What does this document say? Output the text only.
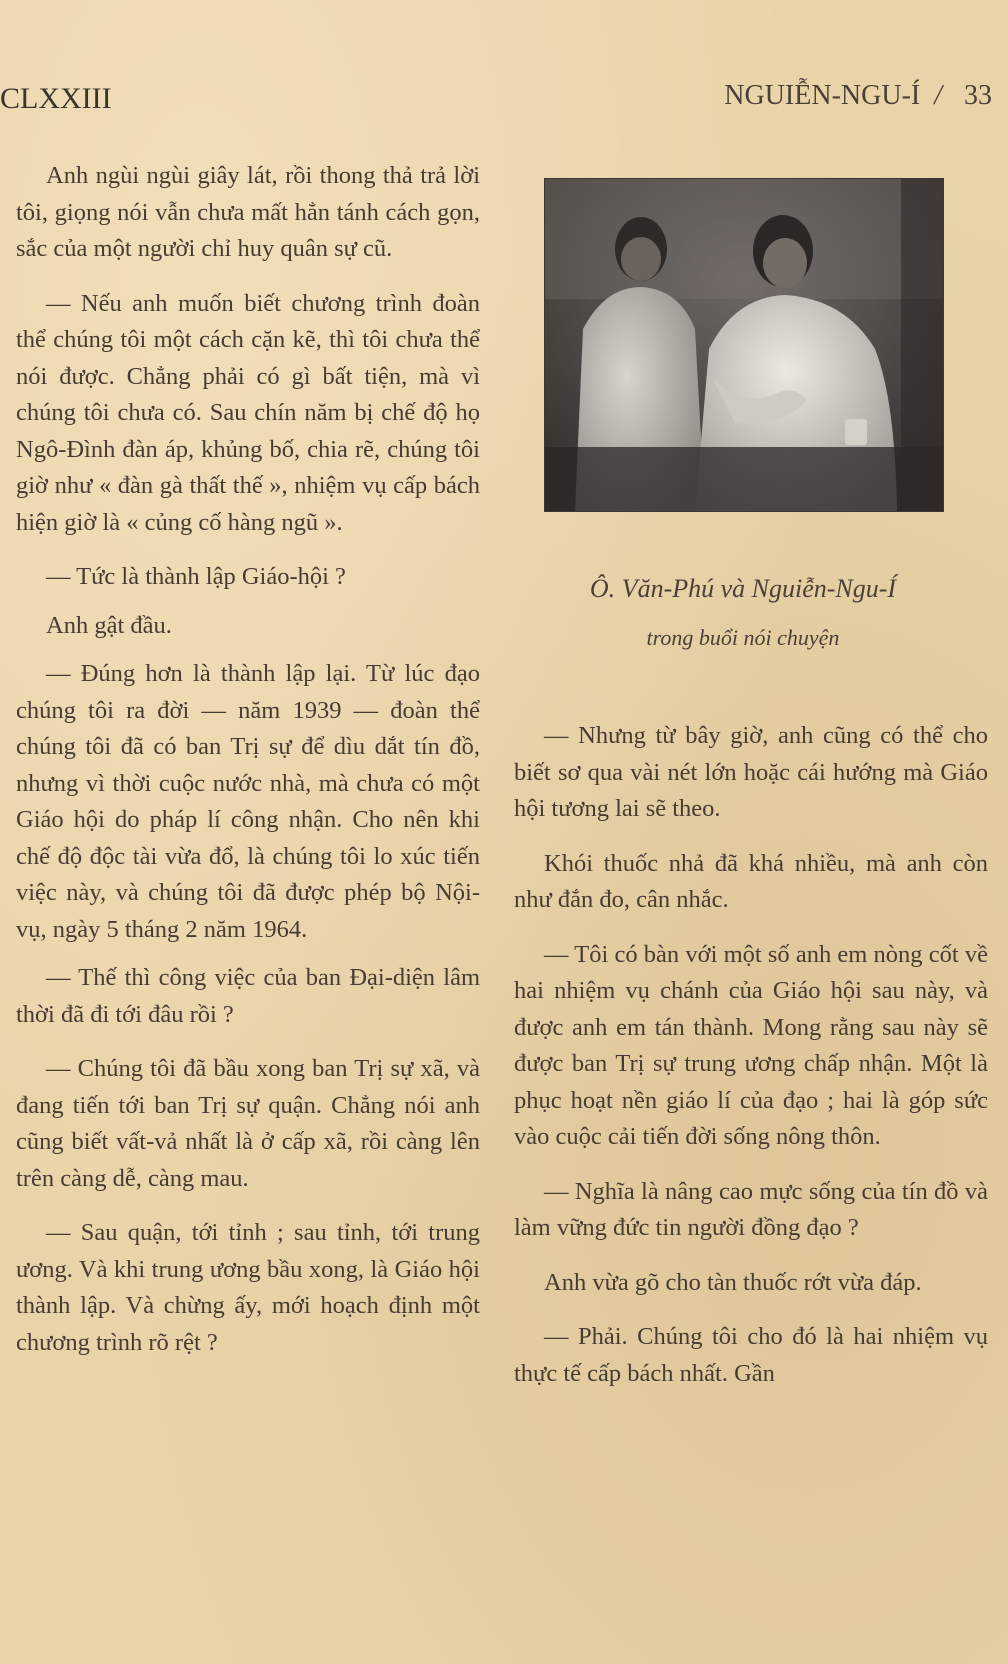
CLXXIII	NGUIỄN-NGU-Í / 33

Anh ngùi ngùi giây lát, rồi thong thả trả lời tôi, giọng nói vẫn chưa mất hẳn tánh cách gọn, sắc của một người chỉ huy quân sự cũ.

— Nếu anh muốn biết chương trình đoàn thể chúng tôi một cách cặn kẽ, thì tôi chưa thể nói được. Chẳng phải có gì bất tiện, mà vì chúng tôi chưa có. Sau chín năm bị chế độ họ Ngô-Đình đàn áp, khủng bố, chia rẽ, chúng tôi giờ như « đàn gà thất thế », nhiệm vụ cấp bách hiện giờ là « củng cố hàng ngũ ».

— Tức là thành lập Giáo-hội ?

Anh gật đầu.

— Đúng hơn là thành lập lại. Từ lúc đạo chúng tôi ra đời — năm 1939 — đoàn thể chúng tôi đã có ban Trị sự để dìu dắt tín đồ, nhưng vì thời cuộc nước nhà, mà chưa có một Giáo hội do pháp lí công nhận. Cho nên khi chế độ độc tài vừa đổ, là chúng tôi lo xúc tiến việc này, và chúng tôi đã được phép bộ Nội-vụ, ngày 5 tháng 2 năm 1964.

— Thế thì công việc của ban Đại-diện lâm thời đã đi tới đâu rồi ?

— Chúng tôi đã bầu xong ban Trị sự xã, và đang tiến tới ban Trị sự quận. Chẳng nói anh cũng biết vất-vả nhất là ở cấp xã, rồi càng lên trên càng dễ, càng mau.

— Sau quận, tới tỉnh ; sau tỉnh, tới trung ương. Và khi trung ương bầu xong, là Giáo hội thành lập. Và chừng ấy, mới hoạch định một chương trình rõ rệt ?

Ô. Văn-Phú và Nguiễn-Ngu-Í
trong buổi nói chuyện

— Nhưng từ bây giờ, anh cũng có thể cho biết sơ qua vài nét lớn hoặc cái hướng mà Giáo hội tương lai sẽ theo.

Khói thuốc nhả đã khá nhiều, mà anh còn như đắn đo, cân nhắc.

— Tôi có bàn với một số anh em nòng cốt về hai nhiệm vụ chánh của Giáo hội sau này, và được anh em tán thành. Mong rằng sau này sẽ được ban Trị sự trung ương chấp nhận. Một là phục hoạt nền giáo lí của đạo ; hai là góp sức vào cuộc cải tiến đời sống nông thôn.

— Nghĩa là nâng cao mực sống của tín đồ và làm vững đức tin người đồng đạo ?

Anh vừa gõ cho tàn thuốc rớt vừa đáp.

— Phải. Chúng tôi cho đó là hai nhiệm vụ thực tế cấp bách nhất. Gần
